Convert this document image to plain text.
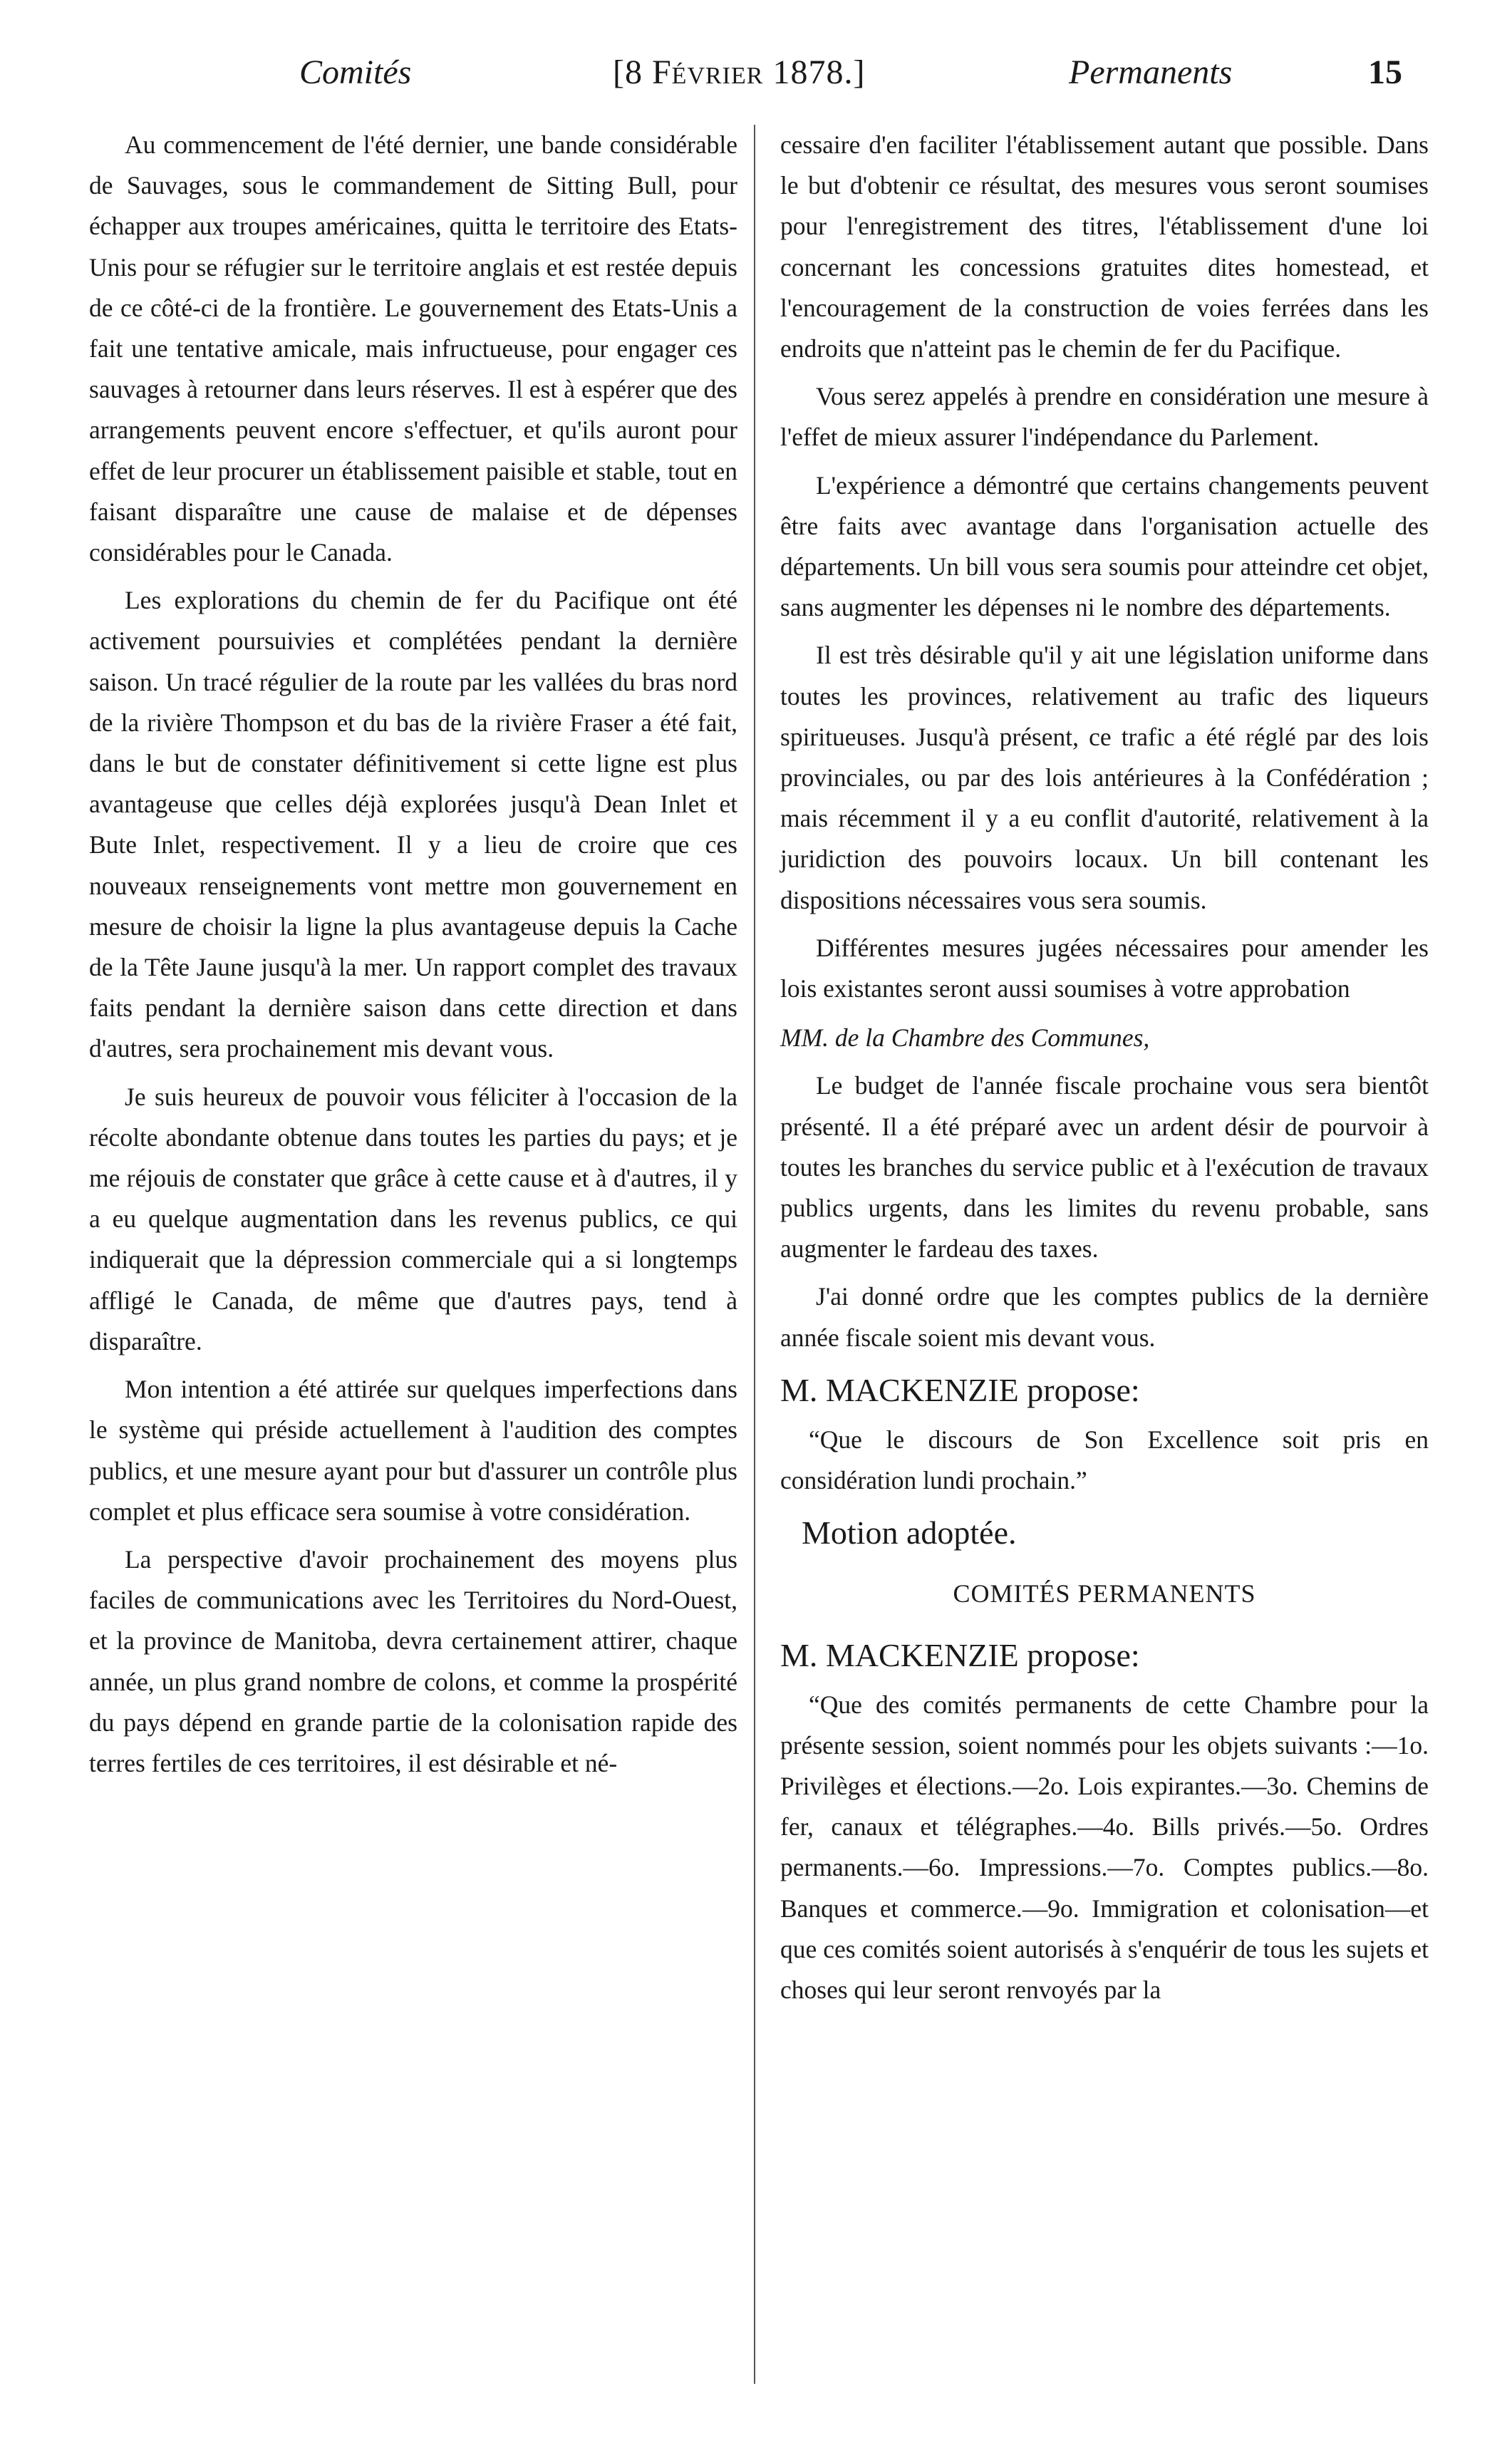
Comités	[8 Février 1878.]	Permanents	15

Au commencement de l'été dernier, une bande considérable de Sauvages, sous le commandement de Sitting Bull, pour échapper aux troupes américaines, quitta le territoire des Etats-Unis pour se réfugier sur le territoire anglais et est restée depuis de ce côté-ci de la frontière. Le gouvernement des Etats-Unis a fait une tentative amicale, mais infructueuse, pour engager ces sauvages à retourner dans leurs réserves. Il est à espérer que des arrangements peuvent encore s'effectuer, et qu'ils auront pour effet de leur procurer un établissement paisible et stable, tout en faisant disparaître une cause de malaise et de dépenses considérables pour le Canada.

Les explorations du chemin de fer du Pacifique ont été activement poursuivies et complétées pendant la dernière saison. Un tracé régulier de la route par les vallées du bras nord de la rivière Thompson et du bas de la rivière Fraser a été fait, dans le but de constater définitivement si cette ligne est plus avantageuse que celles déjà explorées jusqu'à Dean Inlet et Bute Inlet, respectivement. Il y a lieu de croire que ces nouveaux renseignements vont mettre mon gouvernement en mesure de choisir la ligne la plus avantageuse depuis la Cache de la Tête Jaune jusqu'à la mer. Un rapport complet des travaux faits pendant la dernière saison dans cette direction et dans d'autres, sera prochainement mis devant vous.

Je suis heureux de pouvoir vous féliciter à l'occasion de la récolte abondante obtenue dans toutes les parties du pays; et je me réjouis de constater que grâce à cette cause et à d'autres, il y a eu quelque augmentation dans les revenus publics, ce qui indiquerait que la dépression commerciale qui a si longtemps affligé le Canada, de même que d'autres pays, tend à disparaître.

Mon intention a été attirée sur quelques imperfections dans le système qui préside actuellement à l'audition des comptes publics, et une mesure ayant pour but d'assurer un contrôle plus complet et plus efficace sera soumise à votre considération.

La perspective d'avoir prochainement des moyens plus faciles de communications avec les Territoires du Nord-Ouest, et la province de Manitoba, devra certainement attirer, chaque année, un plus grand nombre de colons, et comme la prospérité du pays dépend en grande partie de la colonisation rapide des terres fertiles de ces territoires, il est désirable et né-

cessaire d'en faciliter l'établissement autant que possible. Dans le but d'obtenir ce résultat, des mesures vous seront soumises pour l'enregistrement des titres, l'établissement d'une loi concernant les concessions gratuites dites homestead, et l'encouragement de la construction de voies ferrées dans les endroits que n'atteint pas le chemin de fer du Pacifique.

Vous serez appelés à prendre en considération une mesure à l'effet de mieux assurer l'indépendance du Parlement.

L'expérience a démontré que certains changements peuvent être faits avec avantage dans l'organisation actuelle des départements. Un bill vous sera soumis pour atteindre cet objet, sans augmenter les dépenses ni le nombre des départements.

Il est très désirable qu'il y ait une législation uniforme dans toutes les provinces, relativement au trafic des liqueurs spiritueuses. Jusqu'à présent, ce trafic a été réglé par des lois provinciales, ou par des lois antérieures à la Confédération ; mais récemment il y a eu conflit d'autorité, relativement à la juridiction des pouvoirs locaux. Un bill contenant les dispositions nécessaires vous sera soumis.

Différentes mesures jugées nécessaires pour amender les lois existantes seront aussi soumises à votre approbation

MM. de la Chambre des Communes,

Le budget de l'année fiscale prochaine vous sera bientôt présenté. Il a été préparé avec un ardent désir de pourvoir à toutes les branches du service public et à l'exécution de travaux publics urgents, dans les limites du revenu probable, sans augmenter le fardeau des taxes.

J'ai donné ordre que les comptes publics de la dernière année fiscale soient mis devant vous.

M. MACKENZIE propose:

“Que le discours de Son Excellence soit pris en considération lundi prochain.”

Motion adoptée.

COMITÉS PERMANENTS

M. MACKENZIE propose:

“Que des comités permanents de cette Chambre pour la présente session, soient nommés pour les objets suivants :—1o. Privilèges et élections.—2o. Lois expirantes.—3o. Chemins de fer, canaux et télégraphes.—4o. Bills privés.—5o. Ordres permanents.—6o. Impressions.—7o. Comptes publics.—8o. Banques et commerce.—9o. Immigration et colonisation—et que ces comités soient autorisés à s'enquérir de tous les sujets et choses qui leur seront renvoyés par la
